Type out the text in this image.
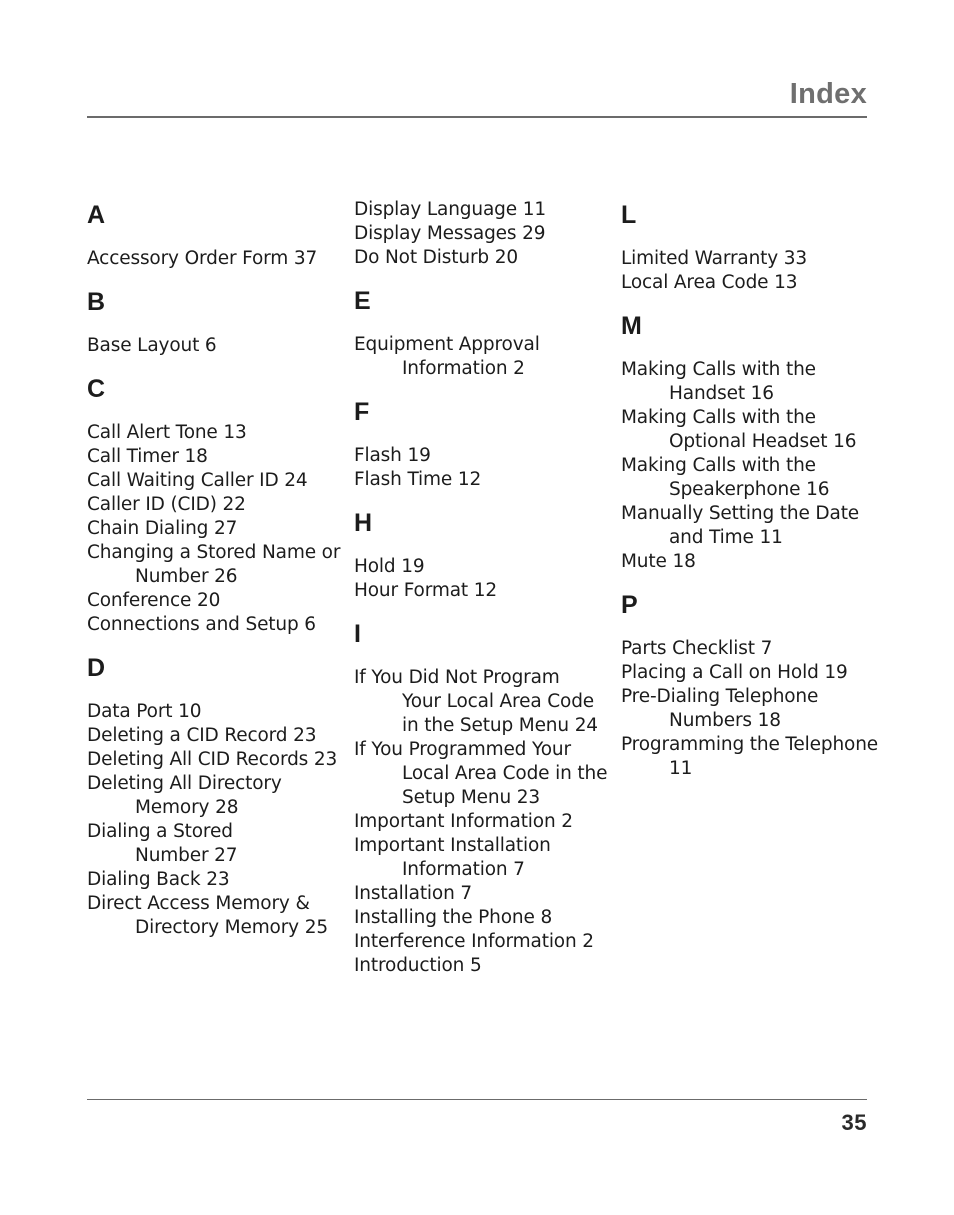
Index
A
Accessory Order Form 37
B
Base Layout 6
C
Call Alert Tone 13
Call Timer 18
Call Waiting Caller ID 24
Caller ID (CID) 22
Chain Dialing 27
Changing a Stored Name or
Number 26
Conference 20
Connections and Setup 6
D
Data Port 10
Deleting a CID Record 23
Deleting All CID Records 23
Deleting All Directory
Memory 28
Dialing a Stored
Number 27
Dialing Back 23
Direct Access Memory &
Directory Memory 25
Display Language 11
Display Messages 29
Do Not Disturb 20
E
Equipment Approval
Information 2
F
Flash 19
Flash Time 12
H
Hold 19
Hour Format 12
I
If You Did Not Program
Your Local Area Code
in the Setup Menu 24
If You Programmed Your
Local Area Code in the
Setup Menu 23
Important Information 2
Important Installation
Information 7
Installation 7
Installing the Phone 8
Interference Information 2
Introduction 5
L
Limited Warranty 33
Local Area Code 13
M
Making Calls with the
Handset 16
Making Calls with the
Optional Headset 16
Making Calls with the
Speakerphone 16
Manually Setting the Date
and Time 11
Mute 18
P
Parts Checklist 7
Placing a Call on Hold 19
Pre-Dialing Telephone
Numbers 18
Programming the Telephone
11
35
